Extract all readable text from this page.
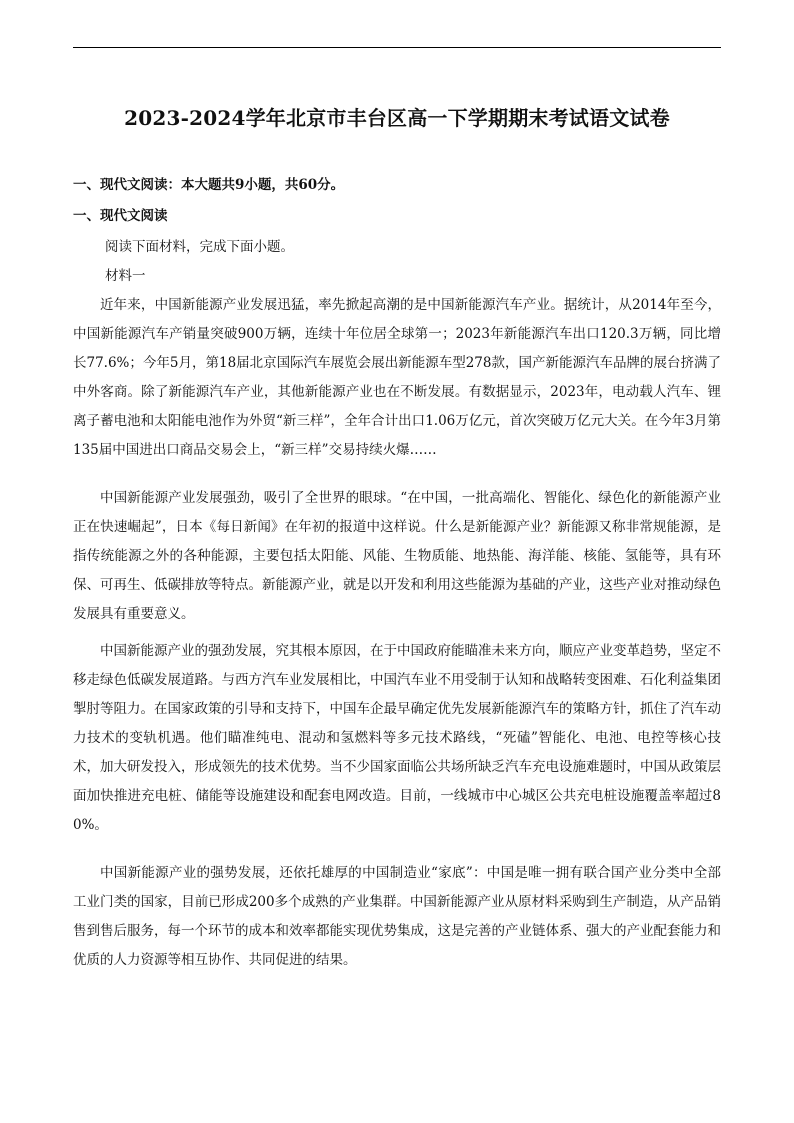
2023-2024学年北京市丰台区高一下学期期末考试语文试卷

一、现代文阅读：本大题共9小题，共60分。

一、现代文阅读

阅读下面材料，完成下面小题。

材料一

近年来，中国新能源产业发展迅猛，率先掀起高潮的是中国新能源汽车产业。据统计，从2014年至今，中国新能源汽车产销量突破900万辆，连续十年位居全球第一；2023年新能源汽车出口120.3万辆，同比增长77.6%；今年5月，第18届北京国际汽车展览会展出新能源车型278款，国产新能源汽车品牌的展台挤满了中外客商。除了新能源汽车产业，其他新能源产业也在不断发展。有数据显示，2023年，电动载人汽车、锂离子蓄电池和太阳能电池作为外贸“新三样”，全年合计出口1.06万亿元，首次突破万亿元大关。在今年3月第135届中国进出口商品交易会上，“新三样”交易持续火爆……

中国新能源产业发展强劲，吸引了全世界的眼球。“在中国，一批高端化、智能化、绿色化的新能源产业正在快速崛起”，日本《每日新闻》在年初的报道中这样说。什么是新能源产业？新能源又称非常规能源，是指传统能源之外的各种能源，主要包括太阳能、风能、生物质能、地热能、海洋能、核能、氢能等，具有环保、可再生、低碳排放等特点。新能源产业，就是以开发和利用这些能源为基础的产业，这些产业对推动绿色发展具有重要意义。

中国新能源产业的强劲发展，究其根本原因，在于中国政府能瞄准未来方向，顺应产业变革趋势，坚定不移走绿色低碳发展道路。与西方汽车业发展相比，中国汽车业不用受制于认知和战略转变困难、石化利益集团掣肘等阻力。在国家政策的引导和支持下，中国车企最早确定优先发展新能源汽车的策略方针，抓住了汽车动力技术的变轨机遇。他们瞄准纯电、混动和氢燃料等多元技术路线，“死磕”智能化、电池、电控等核心技术，加大研发投入，形成领先的技术优势。当不少国家面临公共场所缺乏汽车充电设施难题时，中国从政策层面加快推进充电桩、储能等设施建设和配套电网改造。目前，一线城市中心城区公共充电桩设施覆盖率超过80%。

中国新能源产业的强势发展，还依托雄厚的中国制造业“家底”：中国是唯一拥有联合国产业分类中全部工业门类的国家，目前已形成200多个成熟的产业集群。中国新能源产业从原材料采购到生产制造，从产品销售到售后服务，每一个环节的成本和效率都能实现优势集成，这是完善的产业链体系、强大的产业配套能力和优质的人力资源等相互协作、共同促进的结果。
